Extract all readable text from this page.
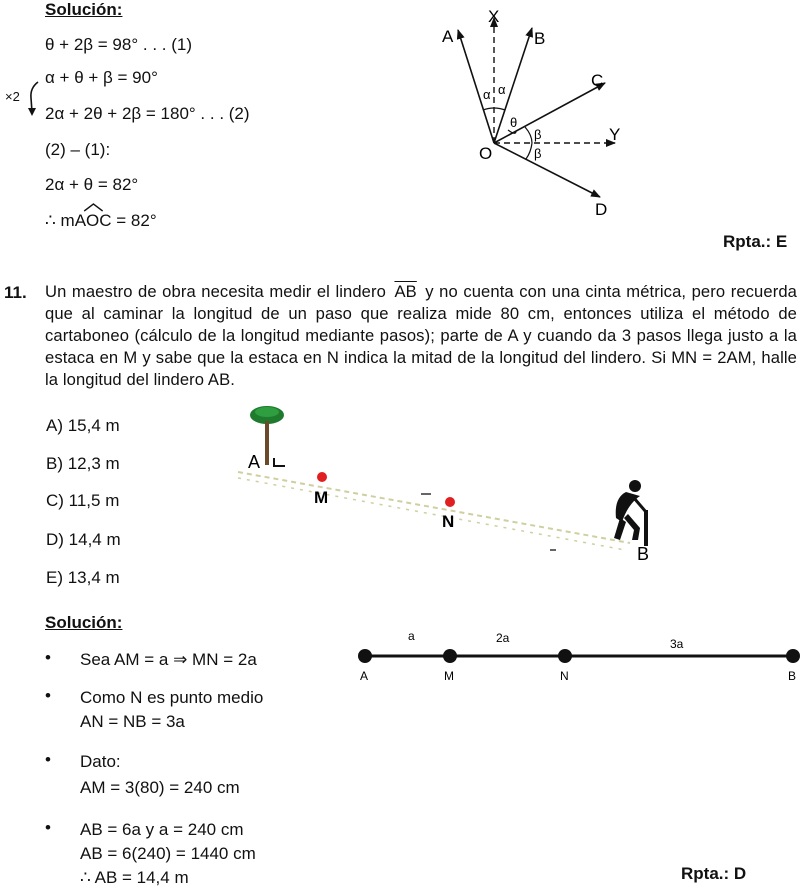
Solución:
θ + 2β = 98° . . . (1)
α + θ + β = 90°
×2
2α + 2θ + 2β = 180° . . . (2)
(2) – (1):
2α + θ = 82°
∴ m
AOC = 82°
Rpta.: E
X
A	B
C
Y
O
D
α α
θ
β
β
11. Un maestro de obra necesita medir el lindero $\overline{AB}$ y no cuenta con una cinta métrica, pero recuerda que al caminar la longitud de un paso que realiza mide 80 cm, entonces utiliza el método de cartaboneo (cálculo de la longitud mediante pasos); parte de A y cuando da 3 pasos llega justo a la estaca en M y sabe que la estaca en N indica la mitad de la longitud del lindero. Si MN = 2AM, halle la longitud del lindero AB.
A) 15,4 m
B) 12,3 m
C) 11,5 m
D) 14,4 m
E) 13,4 m
A
M
N
B
Solución:
• Sea AM = a ⇒ MN = 2a
• Como N es punto medio
AN = NB = 3a
• Dato:
AM = 3(80) = 240 cm
• AB = 6a y a = 240 cm
AB = 6(240) = 1440 cm
∴ AB = 14,4 m	Rpta.: D
a	2a	3a
A	M	N	B
